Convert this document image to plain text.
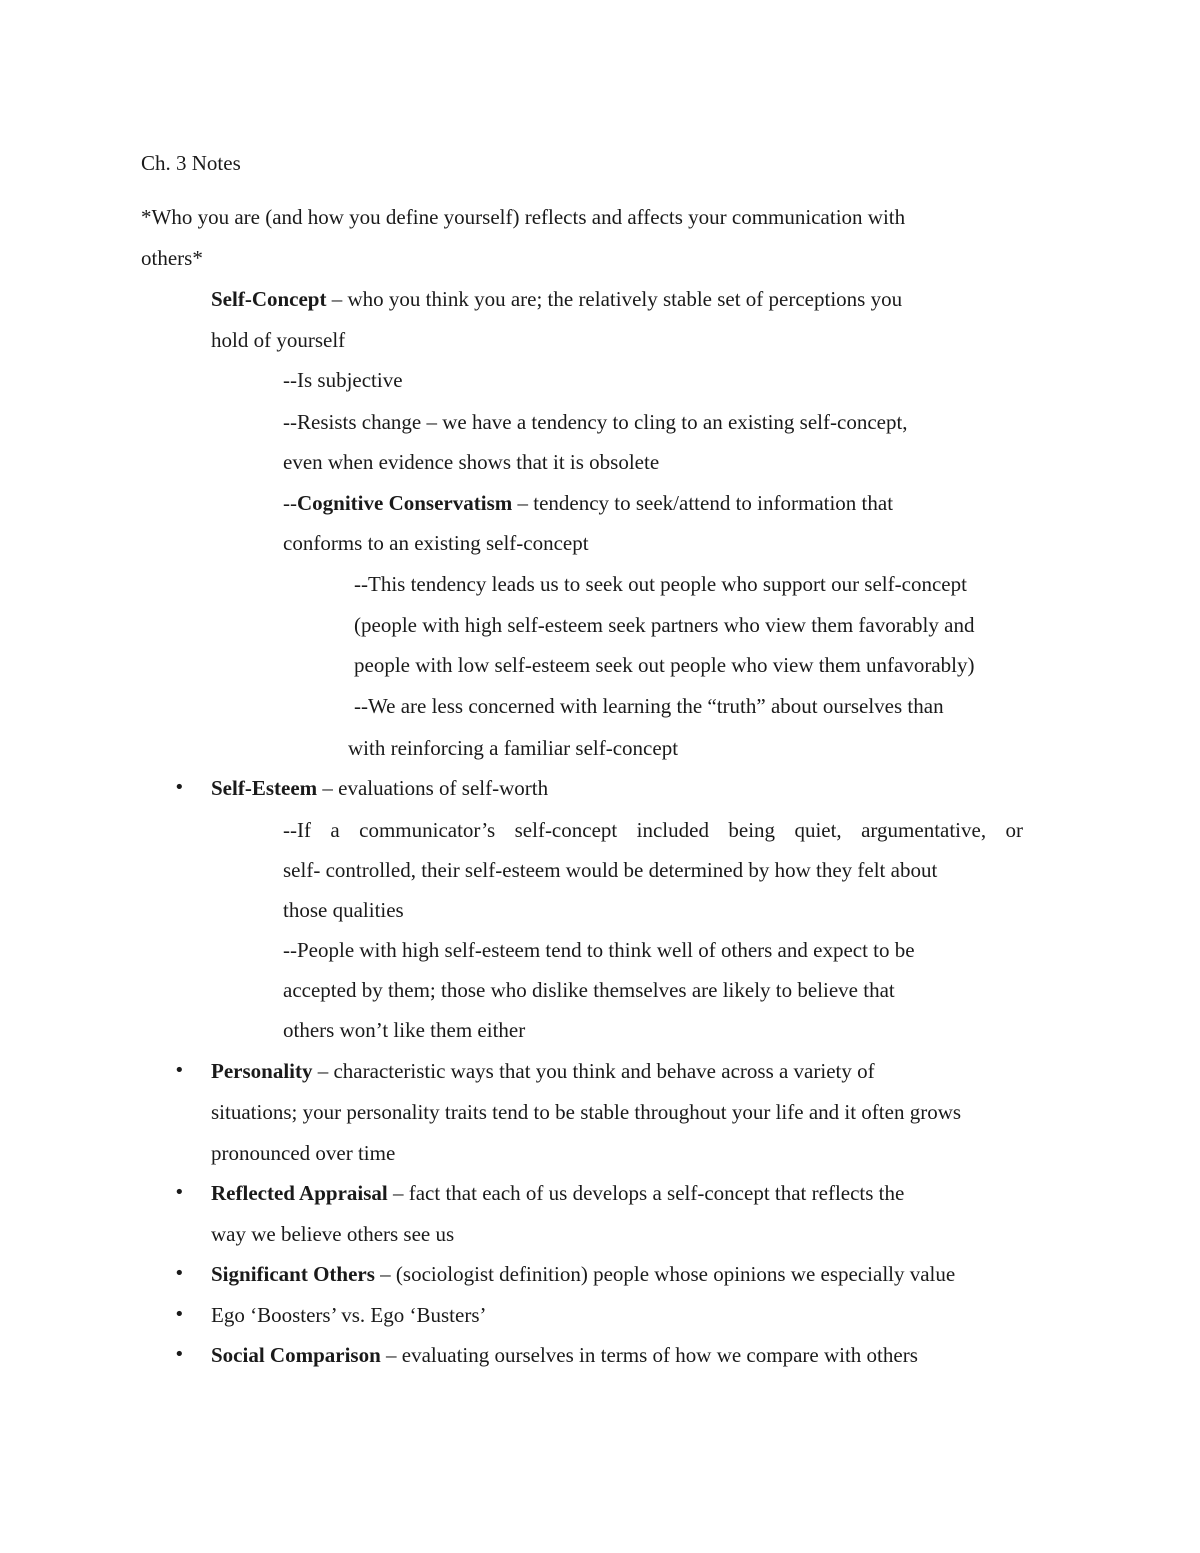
Ch. 3 Notes
*Who you are (and how you define yourself) reflects and affects your communication with
others*
Self-Concept – who you think you are; the relatively stable set of perceptions you
hold of yourself
--Is subjective
--Resists change – we have a tendency to cling to an existing self-concept,
even when evidence shows that it is obsolete
--Cognitive Conservatism – tendency to seek/attend to information that
conforms to an existing self-concept
--This tendency leads us to seek out people who support our self-concept
(people with high self-esteem seek partners who view them favorably and
people with low self-esteem seek out people who view them unfavorably)
--We are less concerned with learning the “truth” about ourselves than
with reinforcing a familiar self-concept
• Self-Esteem – evaluations of self-worth
--If a communicator’s self-concept included being quiet, argumentative, or
self- controlled, their self-esteem would be determined by how they felt about
those qualities
--People with high self-esteem tend to think well of others and expect to be
accepted by them; those who dislike themselves are likely to believe that
others won’t like them either
• Personality – characteristic ways that you think and behave across a variety of
situations; your personality traits tend to be stable throughout your life and it often grows
pronounced over time
• Reflected Appraisal – fact that each of us develops a self-concept that reflects the
way we believe others see us
• Significant Others – (sociologist definition) people whose opinions we especially value
• Ego ‘Boosters’ vs. Ego ‘Busters’
• Social Comparison – evaluating ourselves in terms of how we compare with others
